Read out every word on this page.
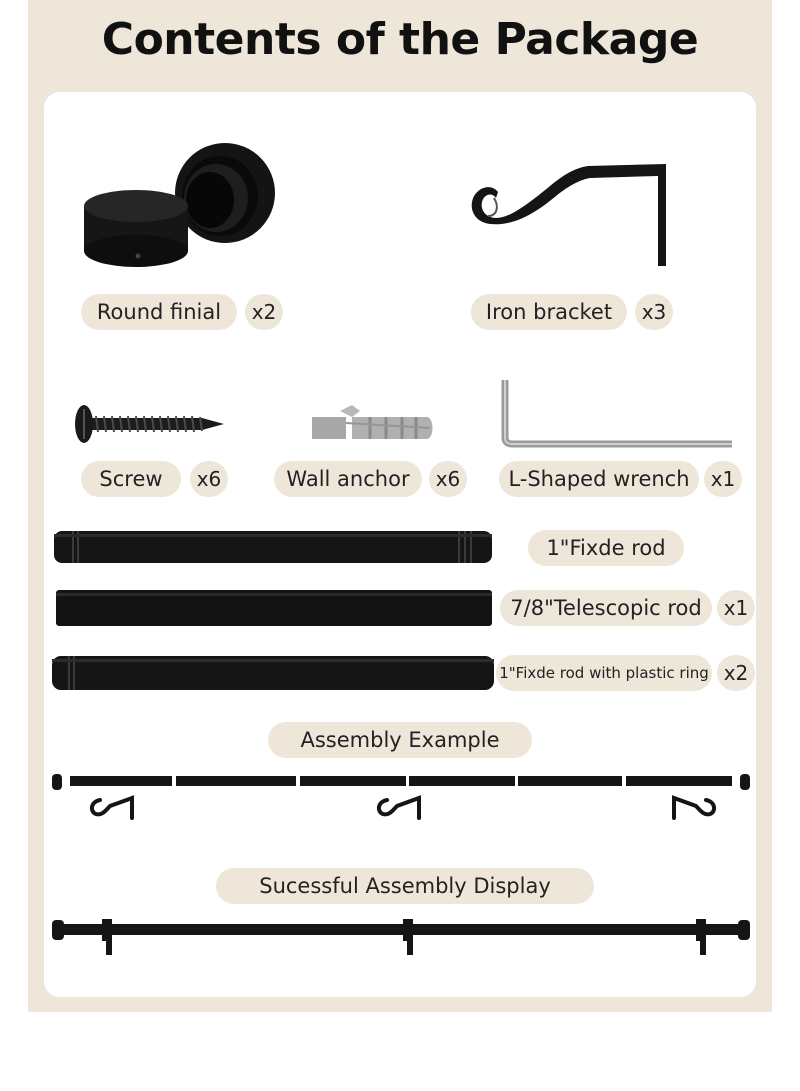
Contents of the Package
Round finial	x2	Iron bracket	x3
Screw	x6	Wall anchor	x6	L-Shaped wrench	x1
1"Fixde rod
7/8"Telescopic rod	x1
1"Fixde rod with plastic ring x2
Assembly Example
Sucessful Assembly Display
